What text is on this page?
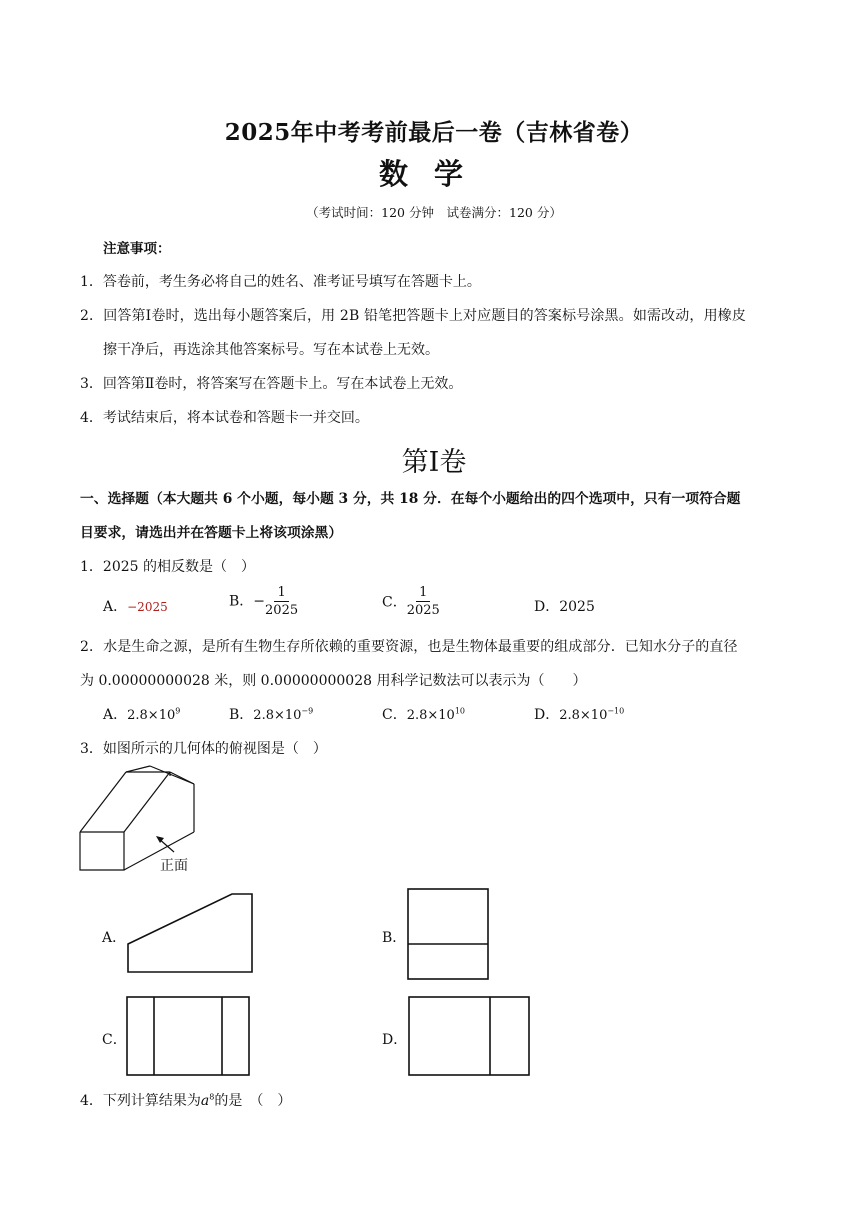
2025年中考考前最后一卷（吉林省卷）
数学
（考试时间：120 分钟　试卷满分：120 分）
注意事项：
1．答卷前，考生务必将自己的姓名、准考证号填写在答题卡上。
2．回答第Ⅰ卷时，选出每小题答案后，用 2B 铅笔把答题卡上对应题目的答案标号涂黑。如需改动，用橡皮
擦干净后，再选涂其他答案标号。写在本试卷上无效。
3．回答第Ⅱ卷时，将答案写在答题卡上。写在本试卷上无效。
4．考试结束后，将本试卷和答题卡一并交回。
第Ⅰ卷
一、选择题（本大题共 6 个小题，每小题 3 分，共 18 分．在每个小题给出的四个选项中，只有一项符合题
目要求，请选出并在答题卡上将该项涂黑）
1．2025 的相反数是（　）
A．−2025	B．− $\frac{1}{2025}$	C． $\frac{1}{2025}$	D．2025
2．水是生命之源，是所有生物生存所依赖的重要资源，也是生物体最重要的组成部分．已知水分子的直径
为 0.00000000028 米，则 0.00000000028 用科学记数法可以表示为（　　）
A．$2.8\times 10^9$	B．$2.8\times 10^{-9}$	C．$2.8\times 10^{10}$	D．$2.8\times 10^{-10}$
3．如图所示的几何体的俯视图是（　）
正面
A．	B．
C．	D．
4．下列计算结果为$a^8$的是　（　）
